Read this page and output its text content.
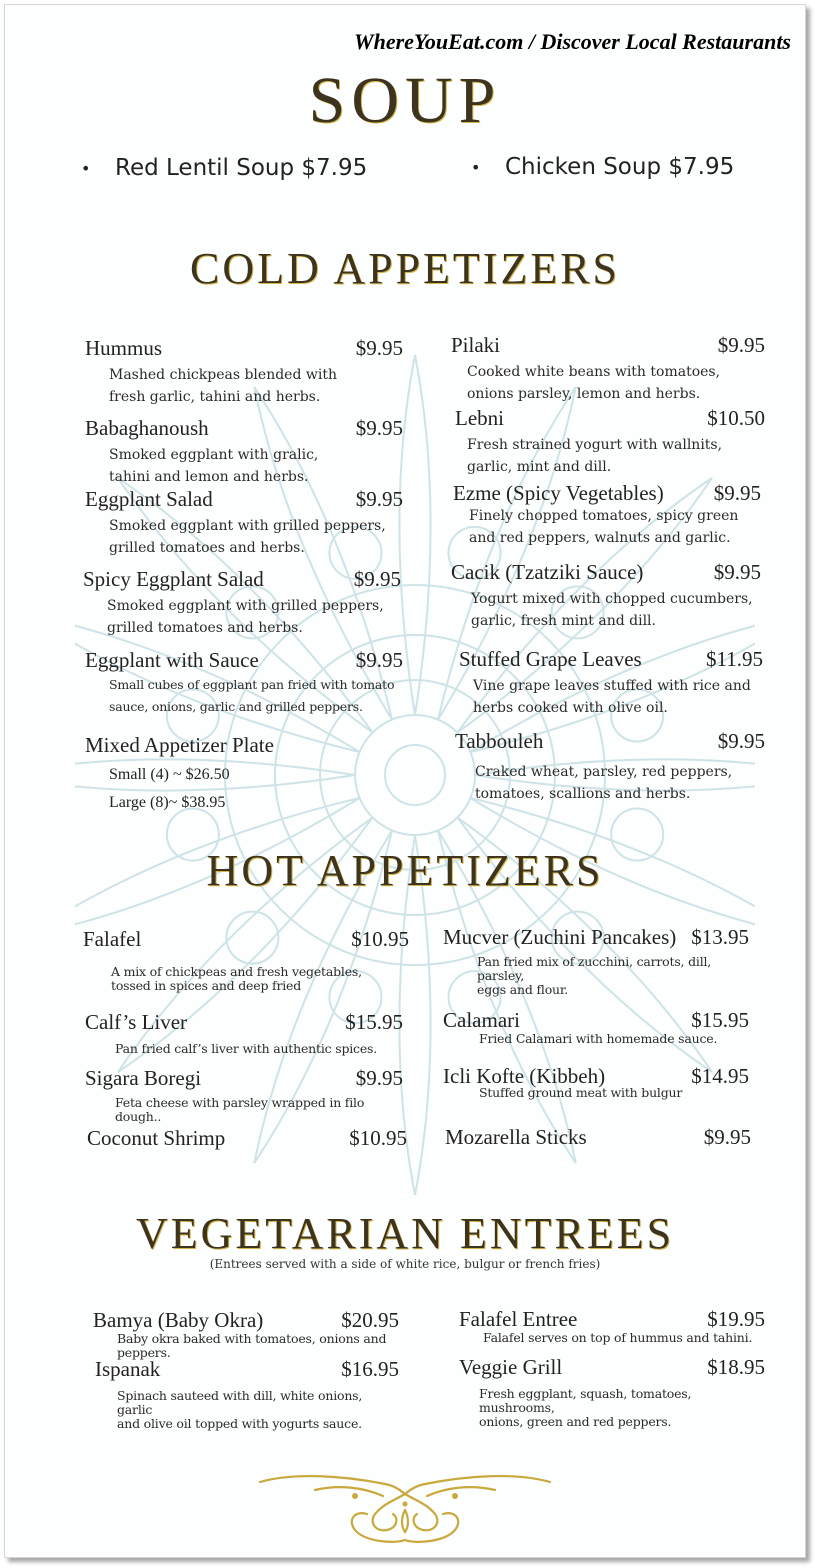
WhereYouEat.com / Discover Local Restaurants
SOUP
• Red Lentil Soup $7.95	• Chicken Soup $7.95
COLD APPETIZERS
Hummus	$9.95
Mashed chickpeas blended with
fresh garlic, tahini and herbs.
Babaghanoush	$9.95
Smoked eggplant with gralic,
tahini and lemon and herbs.
Eggplant Salad	$9.95
Smoked eggplant with grilled peppers,
grilled tomatoes and herbs.
Spicy Eggplant Salad	$9.95
Smoked eggplant with grilled peppers,
grilled tomatoes and herbs.
Eggplant with Sauce	$9.95
Small cubes of eggplant pan fried with tomato
sauce, onions, garlic and grilled peppers.
Mixed Appetizer Plate
Small (4) ~ $26.50
Large (8)~ $38.95
Pilaki	$9.95
Cooked white beans with tomatoes,
onions parsley, lemon and herbs.
Lebni	$10.50
Fresh strained yogurt with wallnits,
garlic, mint and dill.
Ezme (Spicy Vegetables) $9.95
Finely chopped tomatoes, spicy green
and red peppers, walnuts and garlic.
Cacik (Tzatziki Sauce)	$9.95
Yogurt mixed with chopped cucumbers,
garlic, fresh mint and dill.
Stuffed Grape Leaves	$11.95
Vine grape leaves stuffed with rice and
herbs cooked with olive oil.
Tabbouleh	$9.95
Craked wheat, parsley, red peppers,
tomatoes, scallions and herbs.
HOT APPETIZERS
Falafel	$10.95
A mix of chickpeas and fresh vegetables,
tossed in spices and deep fried
Calf’s Liver	$15.95
Pan fried calf’s liver with authentic spices.
Sigara Boregi	$9.95
Feta cheese with parsley wrapped in filo dough..
Coconut Shrimp	$10.95
Mucver (Zuchini Pancakes) $13.95
Pan fried mix of zucchini, carrots, dill, parsley,
eggs and flour.
Calamari	$15.95
Fried Calamari with homemade sauce.
Icli Kofte (Kibbeh)	$14.95
Stuffed ground meat with bulgur
Mozarella Sticks	$9.95
VEGETARIAN ENTREES
(Entrees served with a side of white rice, bulgur or french fries)
Bamya (Baby Okra)	$20.95
Baby okra baked with tomatoes, onions and peppers.
Ispanak	$16.95
Spinach sauteed with dill, white onions, garlic
and olive oil topped with yogurts sauce.
Falafel Entree	$19.95
Falafel serves on top of hummus and tahini.
Veggie Grill	$18.95
Fresh eggplant, squash, tomatoes, mushrooms,
onions, green and red peppers.
